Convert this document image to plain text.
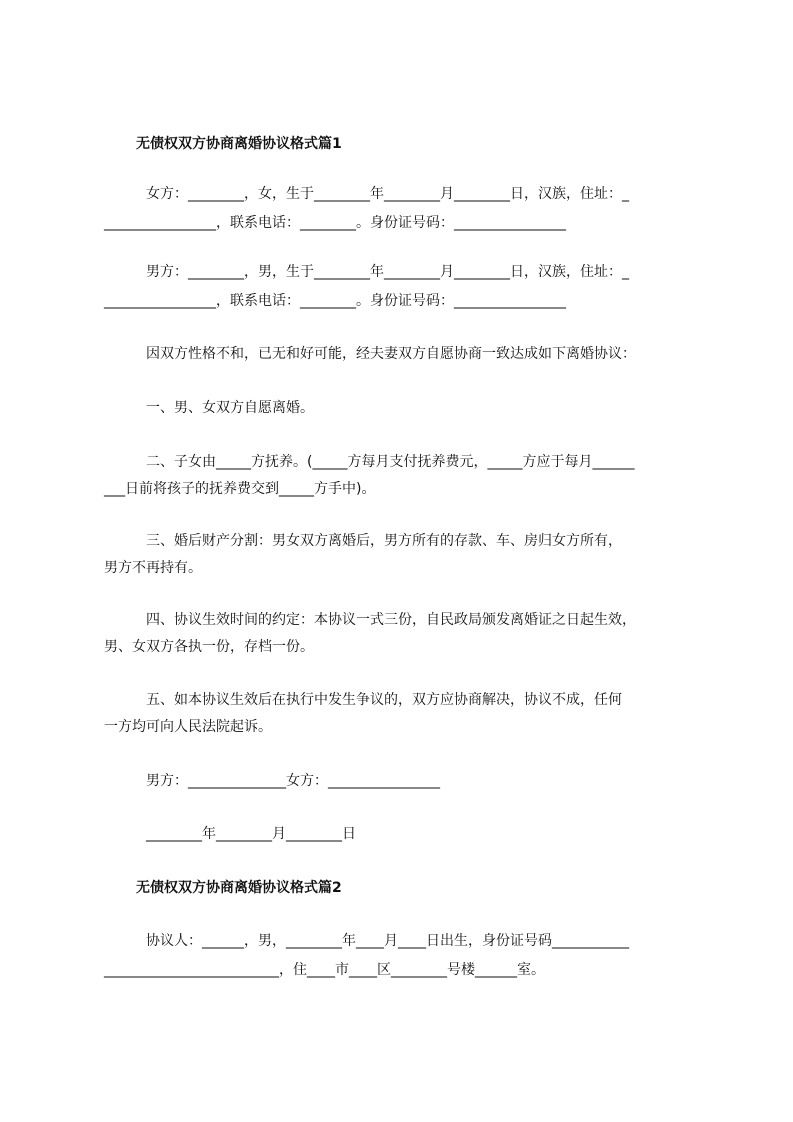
无债权双方协商离婚协议格式篇1
女方：________，女，生于________年________月________日，汉族，住址：_
________________，联系电话：________。身份证号码：________________
男方：________，男，生于________年________月________日，汉族，住址：_
________________，联系电话：________。身份证号码：________________
因双方性格不和，已无和好可能，经夫妻双方自愿协商一致达成如下离婚协议：
一、男、女双方自愿离婚。
二、子女由_____方抚养。(_____方每月支付抚养费元，_____方应于每月______
___日前将孩子的抚养费交到_____方手中)。
三、婚后财产分割：男女双方离婚后，男方所有的存款、车、房归女方所有，
男方不再持有。
四、协议生效时间的约定：本协议一式三份，自民政局颁发离婚证之日起生效，
男、女双方各执一份，存档一份。
五、如本协议生效后在执行中发生争议的，双方应协商解决，协议不成，任何
一方均可向人民法院起诉。
男方：______________女方：________________
________年________月________日
无债权双方协商离婚协议格式篇2
协议人：______，男，________年____月____日出生，身份证号码___________
_________________________，住____市____区________号楼______室。
